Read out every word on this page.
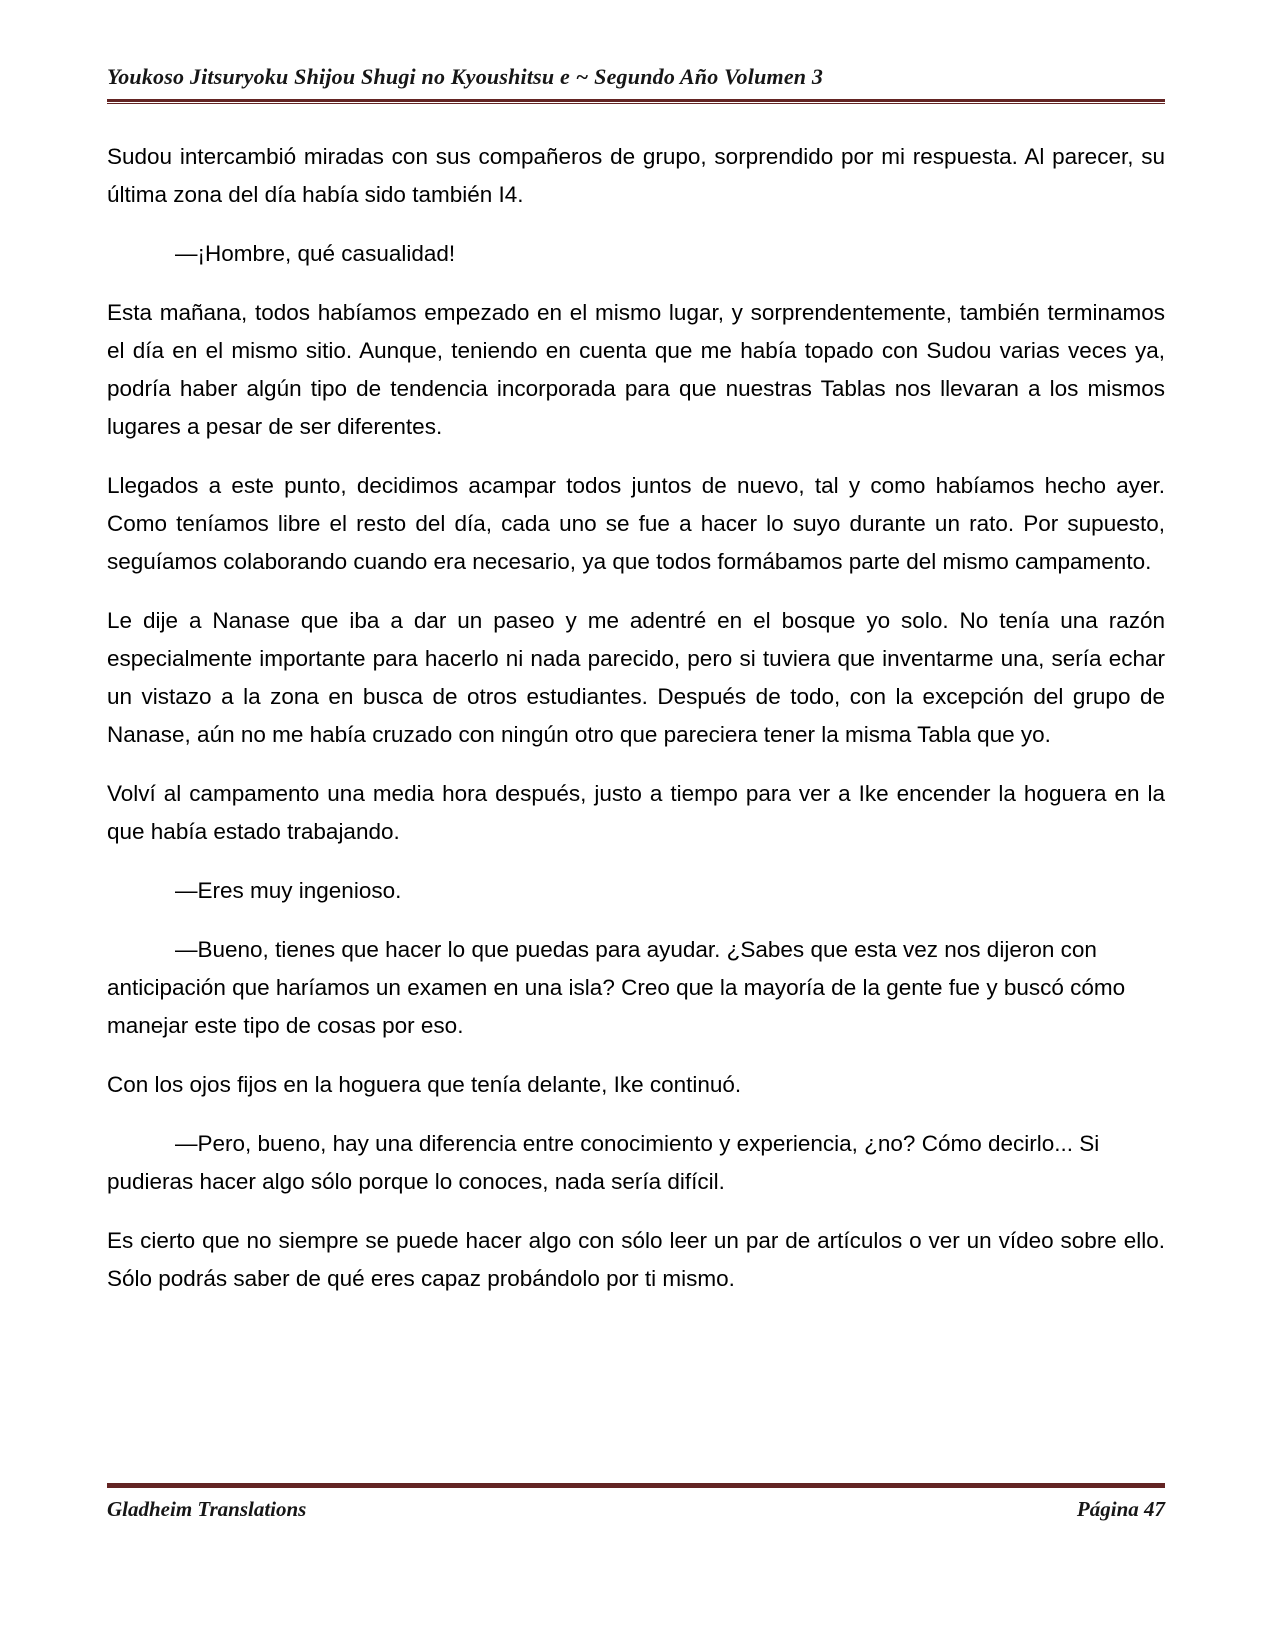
Youkoso Jitsuryoku Shijou Shugi no Kyoushitsu e ~ Segundo Año Volumen 3

Sudou intercambió miradas con sus compañeros de grupo, sorprendido por mi respuesta. Al parecer, su última zona del día había sido también I4.

—¡Hombre, qué casualidad!

Esta mañana, todos habíamos empezado en el mismo lugar, y sorprendentemente, también terminamos el día en el mismo sitio. Aunque, teniendo en cuenta que me había topado con Sudou varias veces ya, podría haber algún tipo de tendencia incorporada para que nuestras Tablas nos llevaran a los mismos lugares a pesar de ser diferentes.

Llegados a este punto, decidimos acampar todos juntos de nuevo, tal y como habíamos hecho ayer. Como teníamos libre el resto del día, cada uno se fue a hacer lo suyo durante un rato. Por supuesto, seguíamos colaborando cuando era necesario, ya que todos formábamos parte del mismo campamento.

Le dije a Nanase que iba a dar un paseo y me adentré en el bosque yo solo. No tenía una razón especialmente importante para hacerlo ni nada parecido, pero si tuviera que inventarme una, sería echar un vistazo a la zona en busca de otros estudiantes. Después de todo, con la excepción del grupo de Nanase, aún no me había cruzado con ningún otro que pareciera tener la misma Tabla que yo.

Volví al campamento una media hora después, justo a tiempo para ver a Ike encender la hoguera en la que había estado trabajando.

—Eres muy ingenioso.

—Bueno, tienes que hacer lo que puedas para ayudar. ¿Sabes que esta vez nos dijeron con anticipación que haríamos un examen en una isla? Creo que la mayoría de la gente fue y buscó cómo manejar este tipo de cosas por eso.

Con los ojos fijos en la hoguera que tenía delante, Ike continuó.

—Pero, bueno, hay una diferencia entre conocimiento y experiencia, ¿no? Cómo decirlo... Si pudieras hacer algo sólo porque lo conoces, nada sería difícil.

Es cierto que no siempre se puede hacer algo con sólo leer un par de artículos o ver un vídeo sobre ello. Sólo podrás saber de qué eres capaz probándolo por ti mismo.

Gladheim Translations	Página 47
